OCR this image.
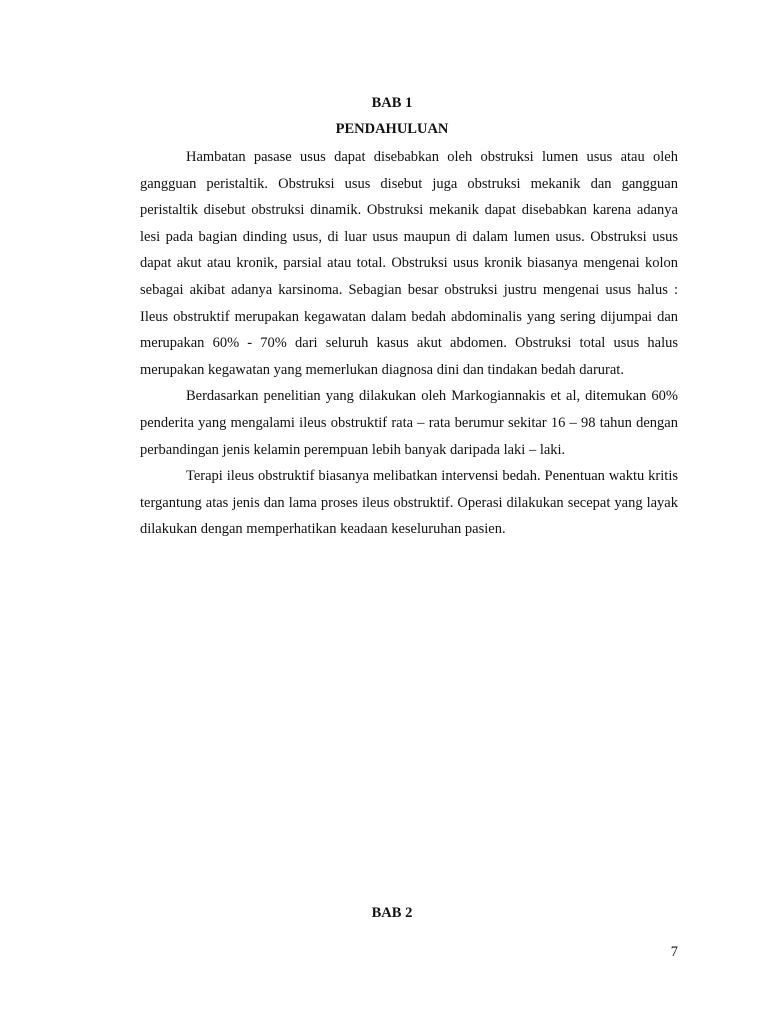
BAB 1
PENDAHULUAN

Hambatan pasase usus dapat disebabkan oleh obstruksi lumen usus atau oleh gangguan peristaltik. Obstruksi usus disebut juga obstruksi mekanik dan gangguan peristaltik disebut obstruksi dinamik. Obstruksi mekanik dapat disebabkan karena adanya lesi pada bagian dinding usus, di luar usus maupun di dalam lumen usus. Obstruksi usus dapat akut atau kronik, parsial atau total. Obstruksi usus kronik biasanya mengenai kolon sebagai akibat adanya karsinoma. Sebagian besar obstruksi justru mengenai usus halus : Ileus obstruktif merupakan kegawatan dalam bedah abdominalis yang sering dijumpai dan merupakan 60% - 70% dari seluruh kasus akut abdomen. Obstruksi total usus halus merupakan kegawatan yang memerlukan diagnosa dini dan tindakan bedah darurat.

Berdasarkan penelitian yang dilakukan oleh Markogiannakis et al, ditemukan 60% penderita yang mengalami ileus obstruktif rata – rata berumur sekitar 16 – 98 tahun dengan perbandingan jenis kelamin perempuan lebih banyak daripada laki – laki.

Terapi ileus obstruktif biasanya melibatkan intervensi bedah. Penentuan waktu kritis tergantung atas jenis dan lama proses ileus obstruktif. Operasi dilakukan secepat yang layak dilakukan dengan memperhatikan keadaan keseluruhan pasien.

BAB 2
7
